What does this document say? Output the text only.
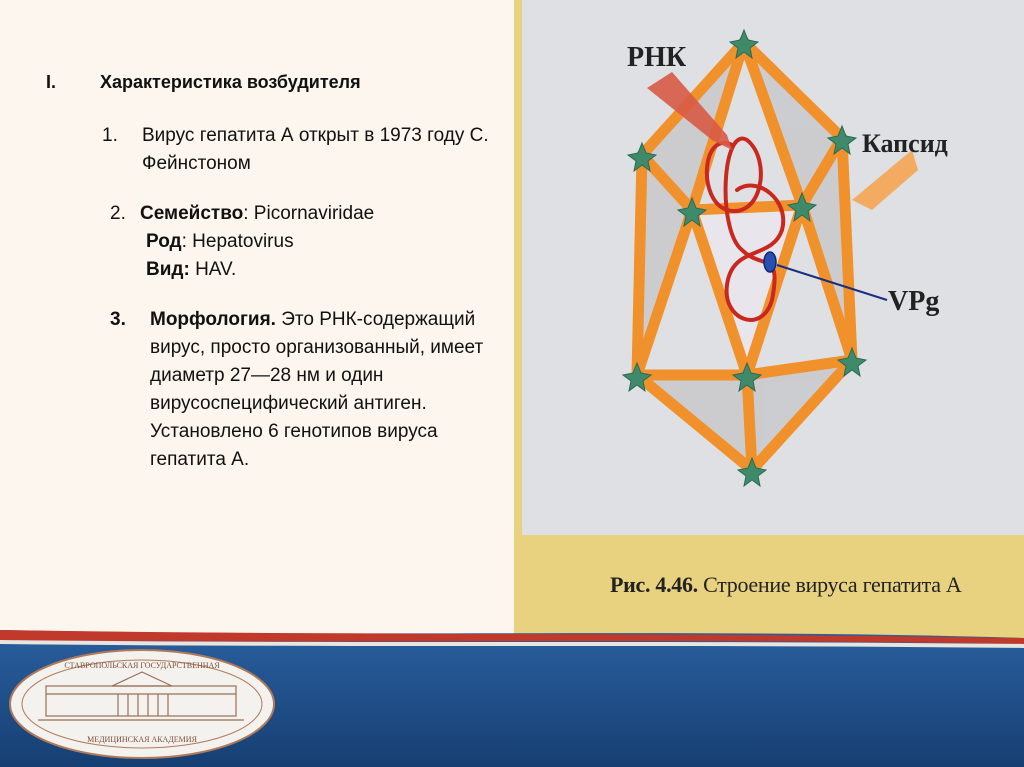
I.	Характеристика возбудителя
1.	Вирус гепатита А открыт в 1973 году С. Фейнстоном
2. Семейство: Picornaviridae
Род: Hepatovirus
Вид: HAV.
3.	Морфология. Это РНК-содержащий вирус, просто организованный, имеет диаметр 27—28 нм и один вирусоспецифический антиген. Установлено 6 генотипов вируса гепатита А.
РНК
Капсид
VPg
Рис. 4.46. Строение вируса гепатита А
СТАВРОПОЛЬСКАЯ ГОСУДАРСТВЕННАЯ
МЕДИЦИНСКАЯ АКАДЕМИЯ
